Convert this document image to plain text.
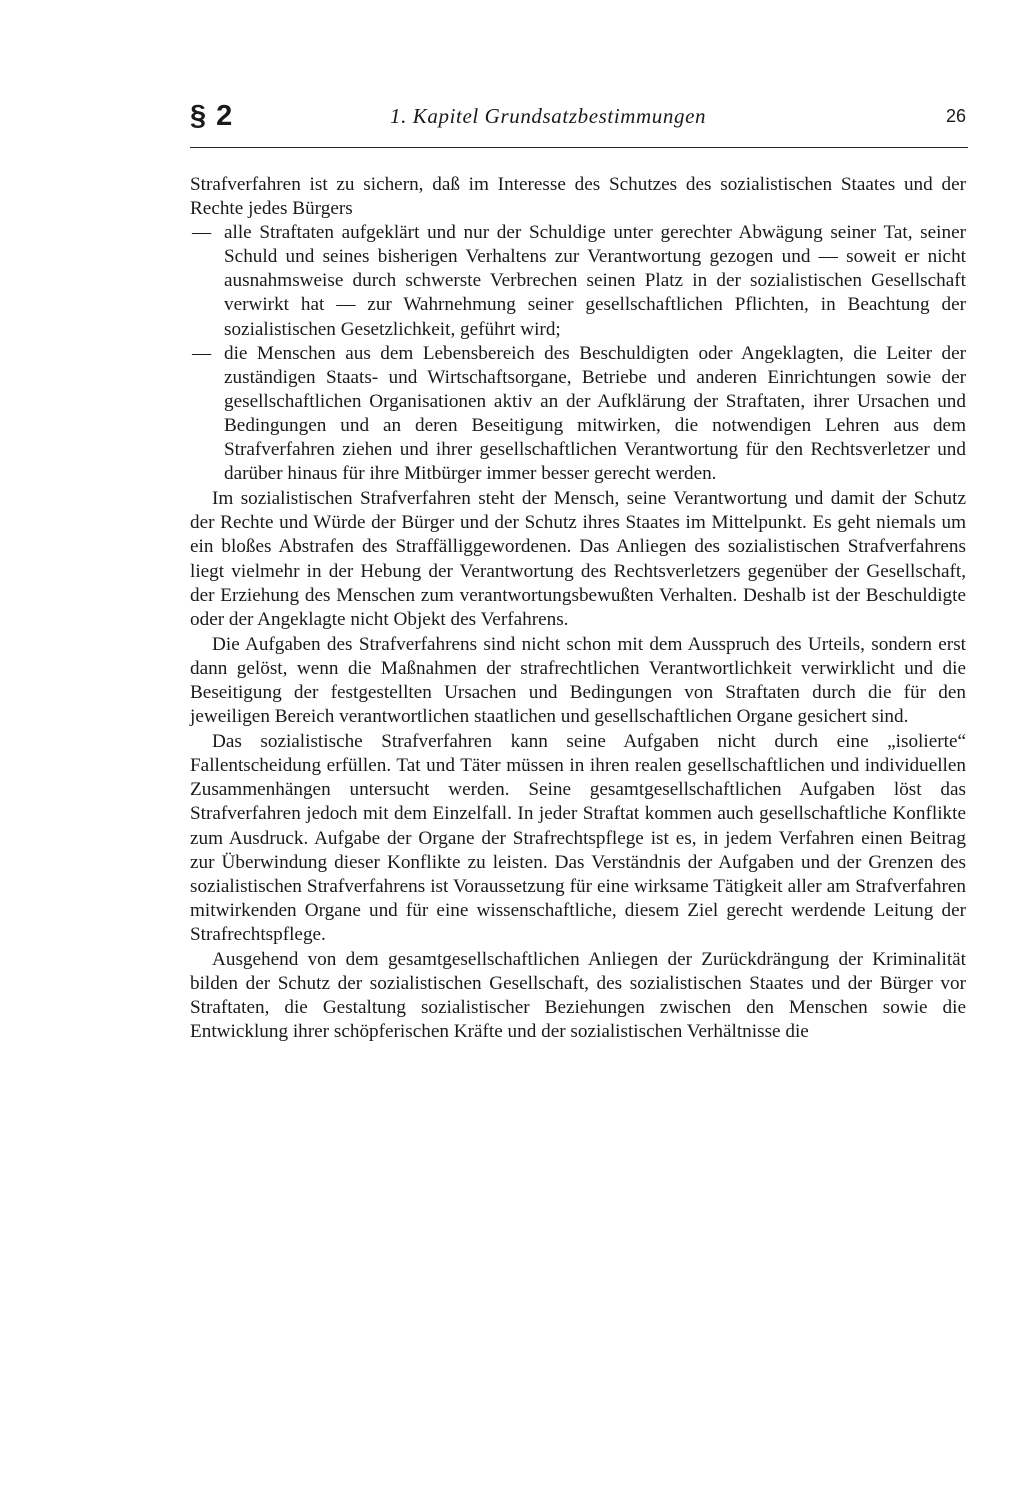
§ 2	1. Kapitel Grundsatzbestimmungen	26

Strafverfahren ist zu sichern, daß im Interesse des Schutzes des sozialistischen Staates und der Rechte jedes Bürgers

— alle Straftaten aufgeklärt und nur der Schuldige unter gerechter Abwägung seiner Tat, seiner Schuld und seines bisherigen Verhaltens zur Verantwortung gezogen und — soweit er nicht ausnahmsweise durch schwerste Verbrechen seinen Platz in der sozialistischen Gesellschaft verwirkt hat — zur Wahrnehmung seiner gesellschaftlichen Pflichten, in Beachtung der sozialistischen Gesetzlichkeit, geführt wird;
— die Menschen aus dem Lebensbereich des Beschuldigten oder Angeklagten, die Leiter der zuständigen Staats- und Wirtschaftsorgane, Betriebe und anderen Einrichtungen sowie der gesellschaftlichen Organisationen aktiv an der Aufklärung der Straftaten, ihrer Ursachen und Bedingungen und an deren Beseitigung mitwirken, die notwendigen Lehren aus dem Strafverfahren ziehen und ihrer gesellschaftlichen Verantwortung für den Rechtsverletzer und darüber hinaus für ihre Mitbürger immer besser gerecht werden.

Im sozialistischen Strafverfahren steht der Mensch, seine Verantwortung und damit der Schutz der Rechte und Würde der Bürger und der Schutz ihres Staates im Mittelpunkt. Es geht niemals um ein bloßes Abstrafen des Straffälliggewordenen. Das Anliegen des sozialistischen Strafverfahrens liegt vielmehr in der Hebung der Verantwortung des Rechtsverletzers gegenüber der Gesellschaft, der Erziehung des Menschen zum verantwortungsbewußten Verhalten. Deshalb ist der Beschuldigte oder der Angeklagte nicht Objekt des Verfahrens.

Die Aufgaben des Strafverfahrens sind nicht schon mit dem Ausspruch des Urteils, sondern erst dann gelöst, wenn die Maßnahmen der strafrechtlichen Verantwortlichkeit verwirklicht und die Beseitigung der festgestellten Ursachen und Bedingungen von Straftaten durch die für den jeweiligen Bereich verantwortlichen staatlichen und gesellschaftlichen Organe gesichert sind.

Das sozialistische Strafverfahren kann seine Aufgaben nicht durch eine „isolierte“ Fallentscheidung erfüllen. Tat und Täter müssen in ihren realen gesellschaftlichen und individuellen Zusammenhängen untersucht werden. Seine gesamtgesellschaftlichen Aufgaben löst das Strafverfahren jedoch mit dem Einzelfall. In jeder Straftat kommen auch gesellschaftliche Konflikte zum Ausdruck. Aufgabe der Organe der Strafrechtspflege ist es, in jedem Verfahren einen Beitrag zur Überwindung dieser Konflikte zu leisten. Das Verständnis der Aufgaben und der Grenzen des sozialistischen Strafverfahrens ist Voraussetzung für eine wirksame Tätigkeit aller am Strafverfahren mitwirkenden Organe und für eine wissenschaftliche, diesem Ziel gerecht werdende Leitung der Strafrechtspflege.

Ausgehend von dem gesamtgesellschaftlichen Anliegen der Zurückdrängung der Kriminalität bilden der Schutz der sozialistischen Gesellschaft, des sozialistischen Staates und der Bürger vor Straftaten, die Gestaltung sozialistischer Beziehungen zwischen den Menschen sowie die Entwicklung ihrer schöpferischen Kräfte und der sozialistischen Verhältnisse die
